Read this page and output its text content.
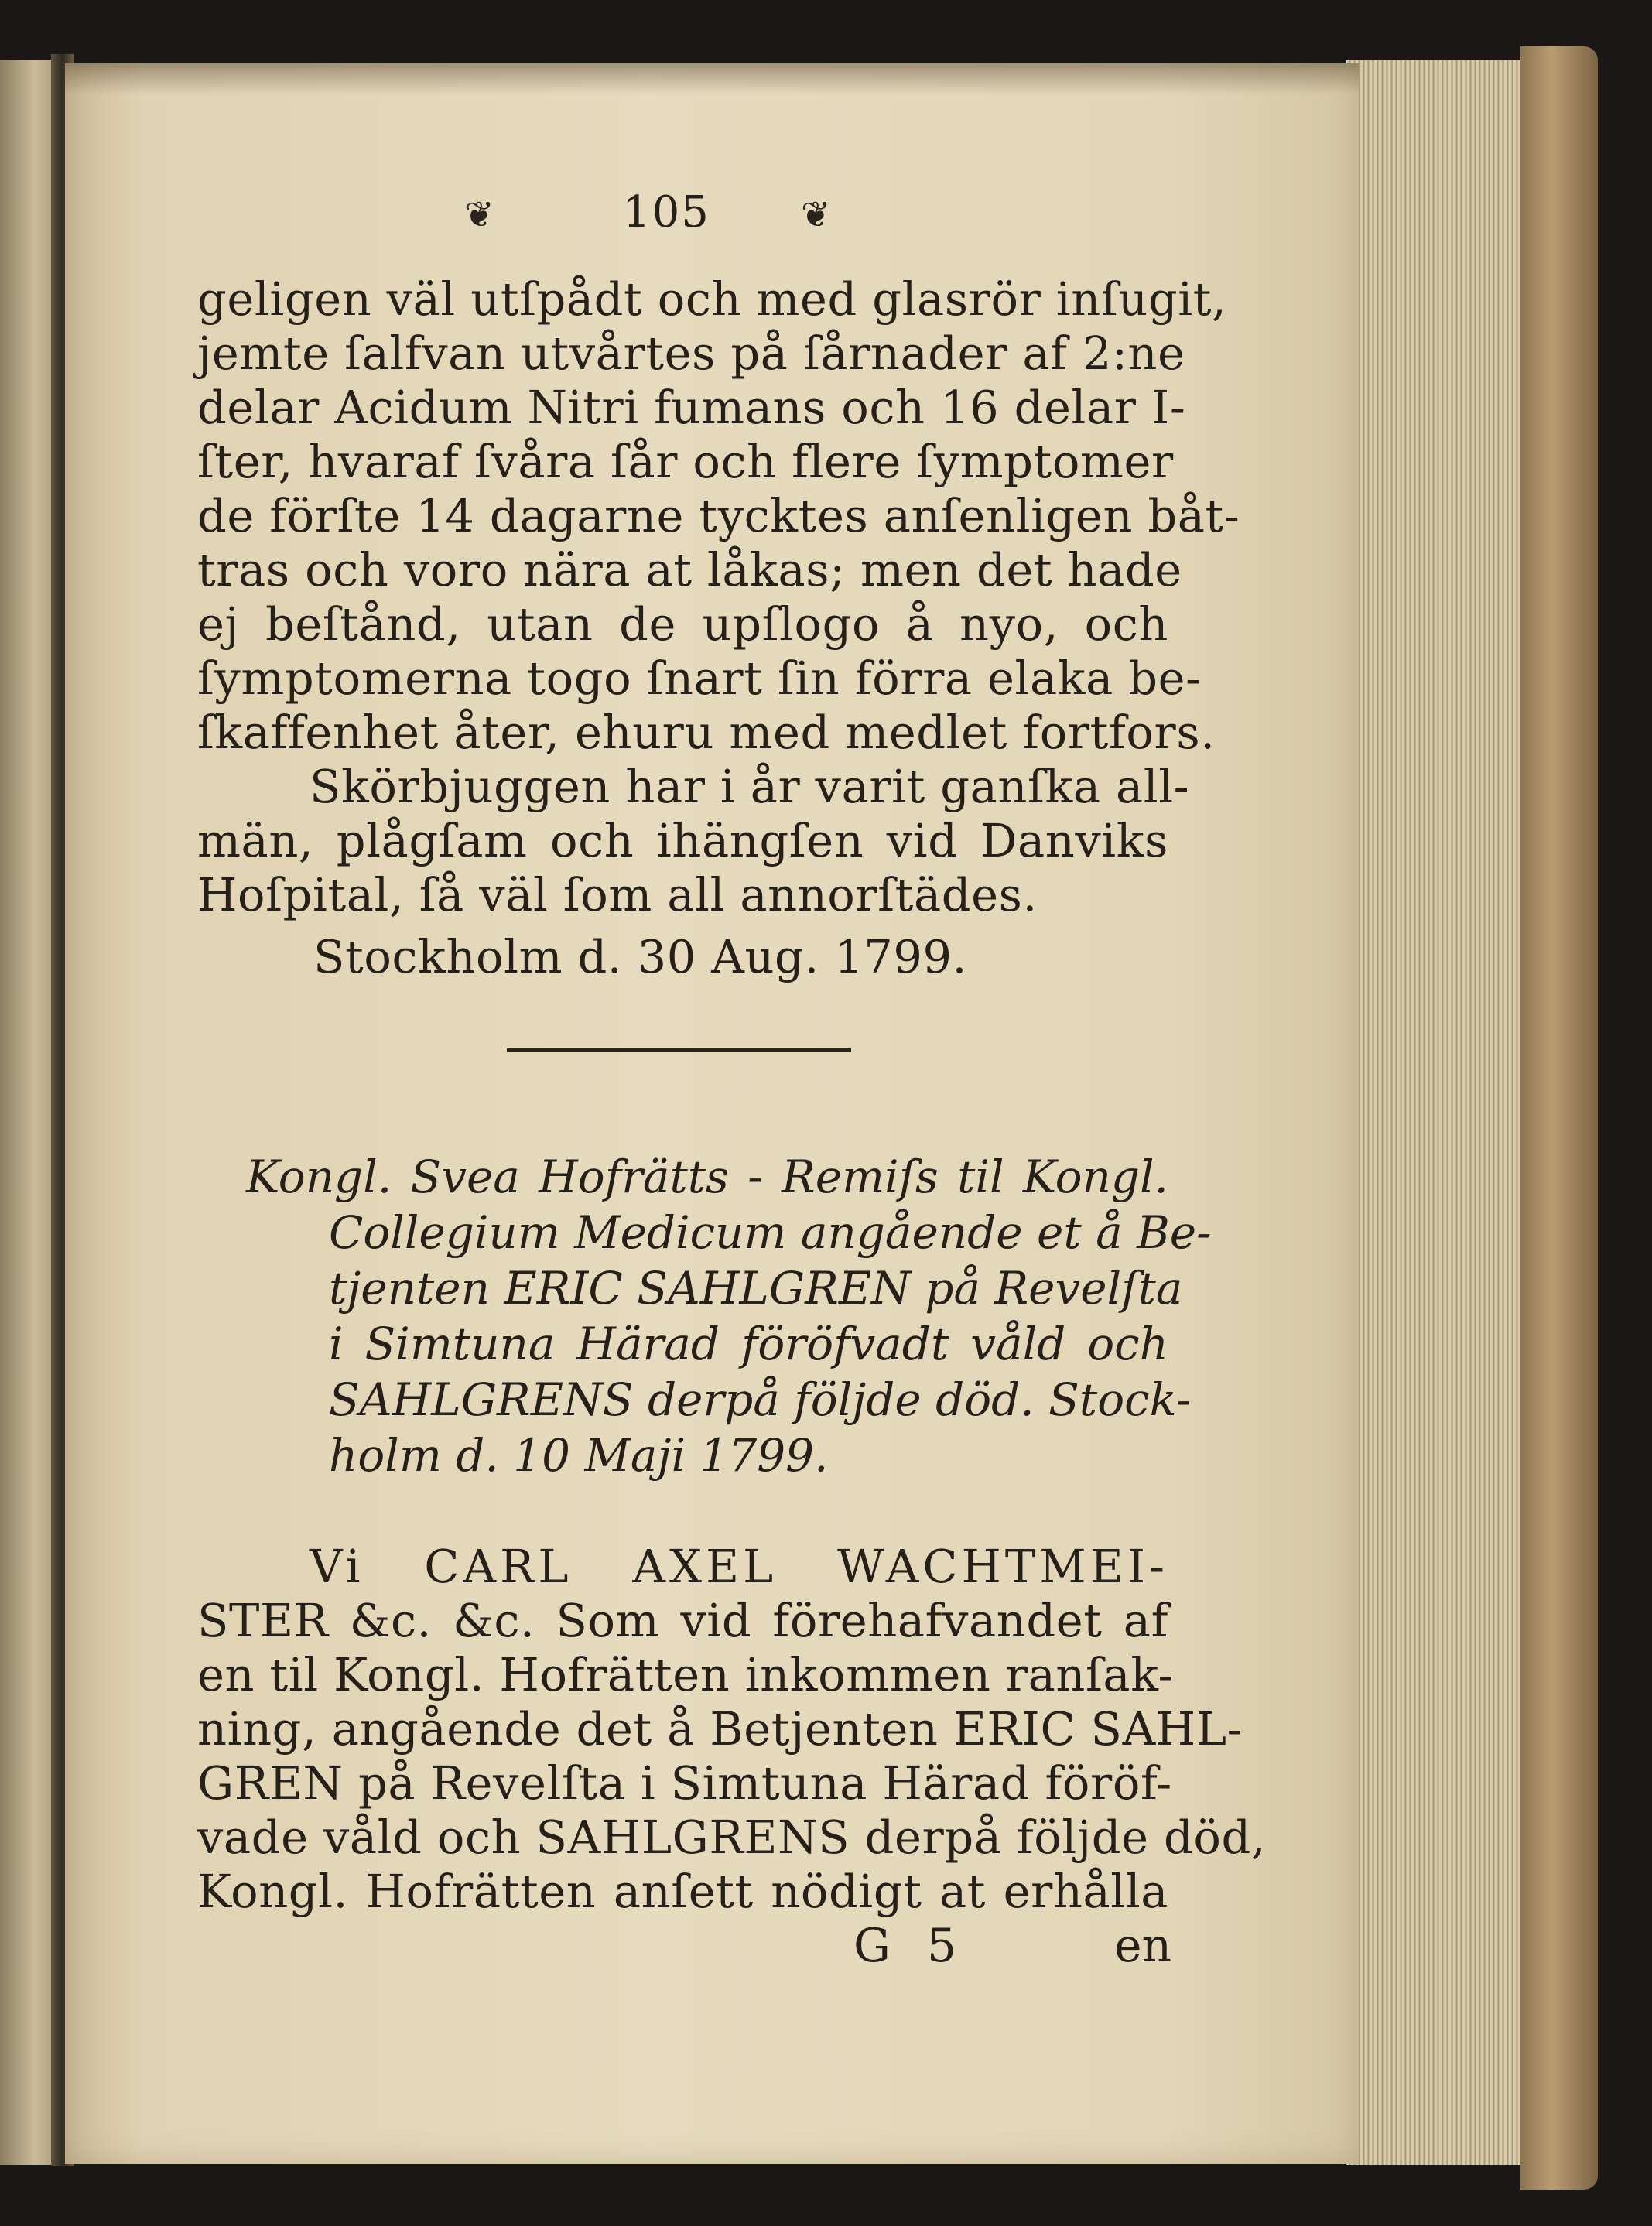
❦	105	❦
geligen väl utſpådt och med glasrör inſugit,
jemte ſalfvan utvårtes på ſårnader af 2:ne
delar Acidum Nitri fumans och 16 delar I-
ſter, hvaraf ſvåra ſår och flere ſymptomer
de förſte 14 dagarne tycktes anſenligen båt-
tras och voro nära at låkas; men det hade
ej beſtånd, utan de upſlogo å nyo, och
ſymptomerna togo ſnart ſin förra elaka be-
ſkaffenhet åter, ehuru med medlet fortfors.
Skörbjuggen har i år varit ganſka all-
män, plågſam och ihängſen vid Danviks
Hoſpital, ſå väl ſom all annorſtädes.
Stockholm d. 30 Aug. 1799.
Kongl. Svea Hofrätts - Remiſs til Kongl.
Collegium Medicum angående et å Be-
tjenten ERIC SAHLGREN på Revelſta
i Simtuna Härad föröfvadt våld och
SAHLGRENS derpå följde död. Stock-
holm d. 10 Maji 1799.
Vi CARL AXEL WACHTMEI-
STER &c. &c. Som vid förehafvandet af
en til Kongl. Hofrätten inkommen ranſak-
ning, angående det å Betjenten ERIC SAHL-
GREN på Revelſta i Simtuna Härad föröf-
vade våld och SAHLGRENS derpå följde död,
Kongl. Hofrätten anſett nödigt at erhålla
G 5	en
